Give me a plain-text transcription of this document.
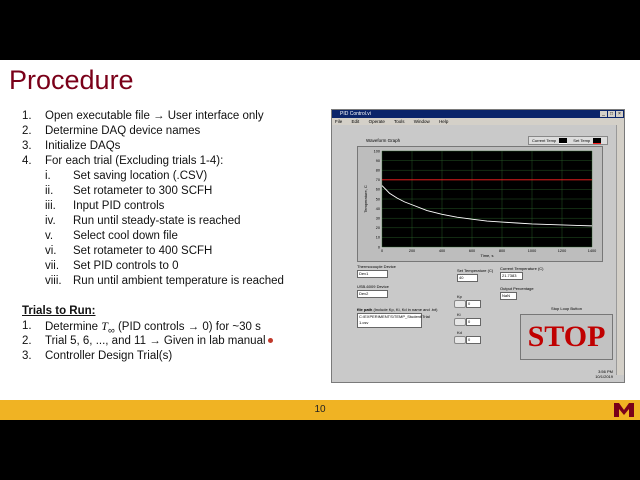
Procedure
1. Open executable file → User interface only
2. Determine DAQ device names
3. Initialize DAQs
4. For each trial (Excluding trials 1-4):
i. Set saving location (.CSV)
ii. Set rotameter to 300 SCFH
iii. Input PID controls
iv. Run until steady-state is reached
v. Select cool down file
vi. Set rotameter to 400 SCFH
vii. Set PID controls to 0
viii. Run until ambient temperature is reached
Trials to Run:
1. Determine $T_\infty$ (PID controls → 0) for ~30 s
2. Trial 5, 6, ..., and 11 → Given in lab manual
3. Controller Design Trial(s)
PID Control.vi	_	□	×
File Edit Operate Tools Window Help
Waveform Graph	Current Temp	Set Temp
0	200	400	600	800	1000	1200	1400
0
10
20
30
40
50
60
70
80
90
100
Temperature, C
Time, s
Thermocouple Device
Dev1
USB-6009 Device
Dev2
file path (Include Kp, Ki, Kd in name and .txt)
C:\EXPERIMENTS\TEMP_Student\Trial 1.csv
Set Temperature (C)
40
Kp
0
Ki
0
Kd
0
Current Temperature (C)
21.7383
Output Percentage
NaN
Stop Loop Button
STOP
3:56 PM
10/1/2019
10
